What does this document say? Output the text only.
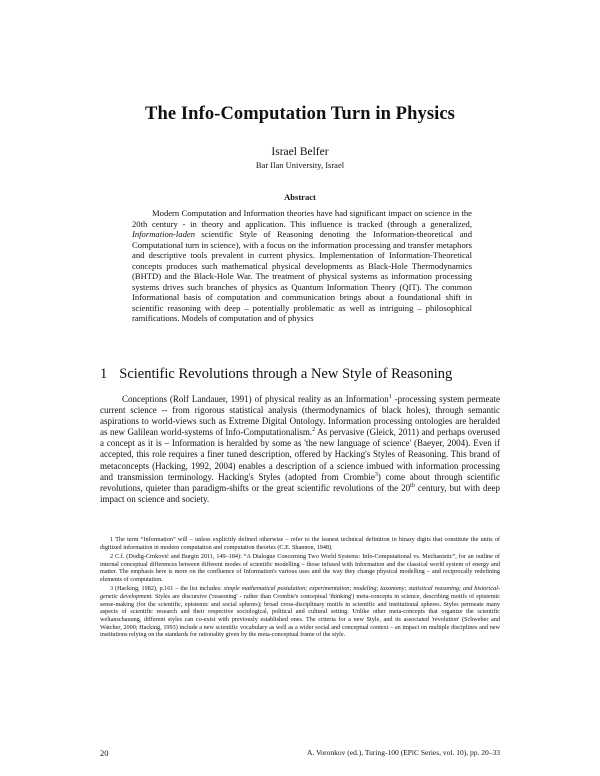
The Info-Computation Turn in Physics
Israel Belfer
Bar Ilan University, Israel
Abstract

Modern Computation and Information theories have had significant impact on science in the 20th century - in theory and application. This influence is tracked (through a generalized, Information-laden scientific Style of Reasoning denoting the Information-theoretical and Computational turn in science), with a focus on the information processing and transfer metaphors and descriptive tools prevalent in current physics. Implementation of Information-Theoretical concepts produces such mathematical physical developments as Black-Hole Thermodynamics (BHTD) and the Black-Hole War. The treatment of physical systems as information processing systems drives such branches of physics as Quantum Information Theory (QIT). The common Informational basis of computation and communication brings about a foundational shift in scientific reasoning with deep – potentially problematic as well as intriguing – philosophical ramifications. Models of computation and of physics

1 Scientific Revolutions through a New Style of Reasoning

Conceptions (Rolf Landauer, 1991) of physical reality as an Information$^1$ -processing system permeate current science -- from rigorous statistical analysis (thermodynamics of black holes), through semantic aspirations to world-views such as Extreme Digital Ontology. Information processing ontologies are heralded as new Galilean world-systems of Info-Computationalism.$^2$ As pervasive (Gleick, 2011) and perhaps overused a concept as it is – Information is heralded by some as 'the new language of science' (Baeyer, 2004). Even if accepted, this role requires a finer tuned description, offered by Hacking's Styles of Reasoning. This brand of metaconcepts (Hacking, 1992, 2004) enables a description of a science imbued with information processing and transmission terminology. Hacking's Styles (adopted from Crombie$^3$) come about through scientific revolutions, quieter than paradigm-shifts or the great scientific revolutions of the 20th century, but with deep impact on science and society.

1 The term “Information” will – unless explicitly defined otherwise – refer to the leanest technical definition in binary digits that constitute the units of digitized information in modern computation and computation theories (C.E. Shannon, 1948).

2 C.f. (Dodig-Crnković and Burgin 2011, 149–184): “A Dialogue Concerning Two World Systems: Info-Computational vs. Mechanistic”, for an outline of internal conceptual differences between different modes of scientific modelling – those infused with Information and the classical world system of energy and matter. The emphasis here is more on the confluence of Information's various uses and the way they change physical modelling – and reciprocally redefining elements of computation.

3 (Hacking, 1982), p.161 – the list includes: simple mathematical postulation; experimentation; modeling; taxonomy; statistical reasoning; and historical-genetic development. Styles are discursive ('reasoning' - rather than Crombie's conceptual 'thinking') meta-concepts in science, describing motifs of epistemic sense-making (for the scientific, epistemic and social spheres); broad cross-disciplinary motifs in scientific and institutional spheres. Styles permeate many aspects of scientific research and their respective sociological, political and cultural setting. Unlike other meta-concepts that organize the scientific weltanschauung, different styles can co-exist with previously established ones. The criteria for a new Style, and its associated 'revolution' (Schweber and Watcher, 2000; Hacking, 1993) include a new scientific vocabulary as well as a wider social and conceptual context – an impact on multiple disciplines and new institutions relying on the standards for rationality given by the meta-conceptual frame of the style.

20	A. Voronkov (ed.), Turing-100 (EPiC Series, vol. 10), pp. 20–33
